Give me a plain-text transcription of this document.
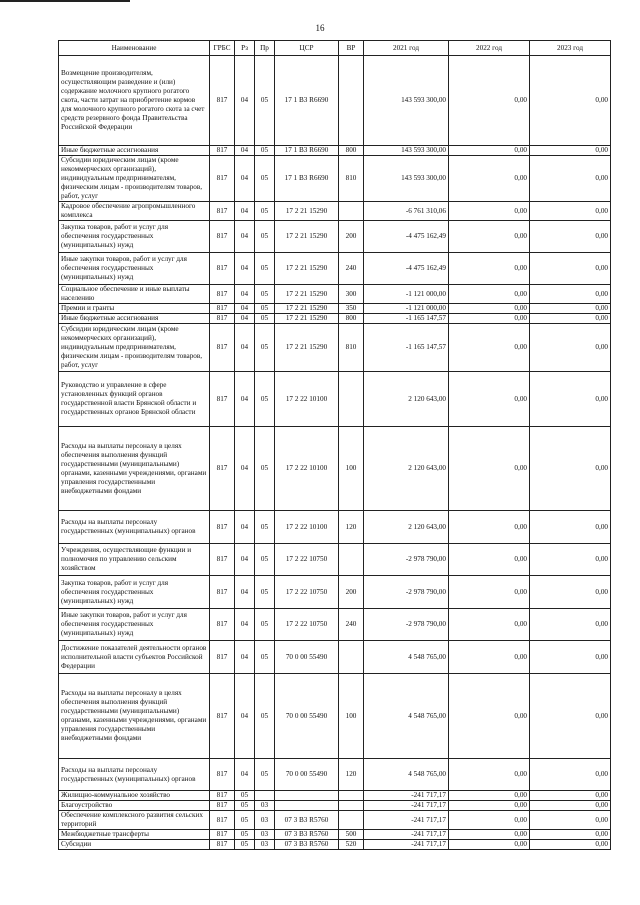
16
Наименование	ГРБС	Рз	Пр	ЦСР	ВР	2021 год	2022 год	2023 год
Возмещение производителям, осуществляющим разведение и (или) содержание молочного крупного рогатого скота, части затрат на приобретение кормов для молочного крупного рогатого скота за счет средств резервного фонда Правительства Российской Федерации	817	04	05	17 1 B3 R6690		143 593 300,00	0,00	0,00
Иные бюджетные ассигнования	817	04	05	17 1 B3 R6690	800	143 593 300,00	0,00	0,00
Субсидии юридическим лицам (кроме некоммерческих организаций), индивидуальным предпринимателям, физическим лицам - производителям товаров, работ, услуг	817	04	05	17 1 B3 R6690	810	143 593 300,00	0,00	0,00
Кадровое обеспечение агропромышленного комплекса	817	04	05	17 2 21 15290		-6 761 310,06	0,00	0,00
Закупка товаров, работ и услуг для обеспечения государственных (муниципальных) нужд	817	04	05	17 2 21 15290	200	-4 475 162,49	0,00	0,00
Иные закупки товаров, работ и услуг для обеспечения государственных (муниципальных) нужд	817	04	05	17 2 21 15290	240	-4 475 162,49	0,00	0,00
Социальное обеспечение и иные выплаты населению	817	04	05	17 2 21 15290	300	-1 121 000,00	0,00	0,00
Премии и гранты	817	04	05	17 2 21 15290	350	-1 121 000,00	0,00	0,00
Иные бюджетные ассигнования	817	04	05	17 2 21 15290	800	-1 165 147,57	0,00	0,00
Субсидии юридическим лицам (кроме некоммерческих организаций), индивидуальным предпринимателям, физическим лицам - производителям товаров, работ, услуг	817	04	05	17 2 21 15290	810	-1 165 147,57	0,00	0,00
Руководство и управление в сфере установленных функций органов государственной власти Брянской области и государственных органов Брянской области	817	04	05	17 2 22 10100		2 120 643,00	0,00	0,00
Расходы на выплаты персоналу в целях обеспечения выполнения функций государственными (муниципальными) органами, казенными учреждениями, органами управления государственными внебюджетными фондами	817	04	05	17 2 22 10100	100	2 120 643,00	0,00	0,00
Расходы на выплаты персоналу государственных (муниципальных) органов	817	04	05	17 2 22 10100	120	2 120 643,00	0,00	0,00
Учреждения, осуществляющие функции и полномочия по управлению сельским хозяйством	817	04	05	17 2 22 10750		-2 978 790,00	0,00	0,00
Закупка товаров, работ и услуг для обеспечения государственных (муниципальных) нужд	817	04	05	17 2 22 10750	200	-2 978 790,00	0,00	0,00
Иные закупки товаров, работ и услуг для обеспечения государственных (муниципальных) нужд	817	04	05	17 2 22 10750	240	-2 978 790,00	0,00	0,00
Достижение показателей деятельности органов исполнительной власти субъектов Российской Федерации	817	04	05	70 0 00 55490		4 548 765,00	0,00	0,00
Расходы на выплаты персоналу в целях обеспечения выполнения функций государственными (муниципальными) органами, казенными учреждениями, органами управления государственными внебюджетными фондами	817	04	05	70 0 00 55490	100	4 548 765,00	0,00	0,00
Расходы на выплаты персоналу государственных (муниципальных) органов	817	04	05	70 0 00 55490	120	4 548 765,00	0,00	0,00
Жилищно-коммунальное хозяйство	817	05				-241 717,17	0,00	0,00
Благоустройство	817	05	03			-241 717,17	0,00	0,00
Обеспечение комплексного развития сельских территорий	817	05	03	07 3 B3 R5760		-241 717,17	0,00	0,00
Межбюджетные трансферты	817	05	03	07 3 B3 R5760	500	-241 717,17	0,00	0,00
Субсидии	817	05	03	07 3 B3 R5760	520	-241 717,17	0,00	0,00
